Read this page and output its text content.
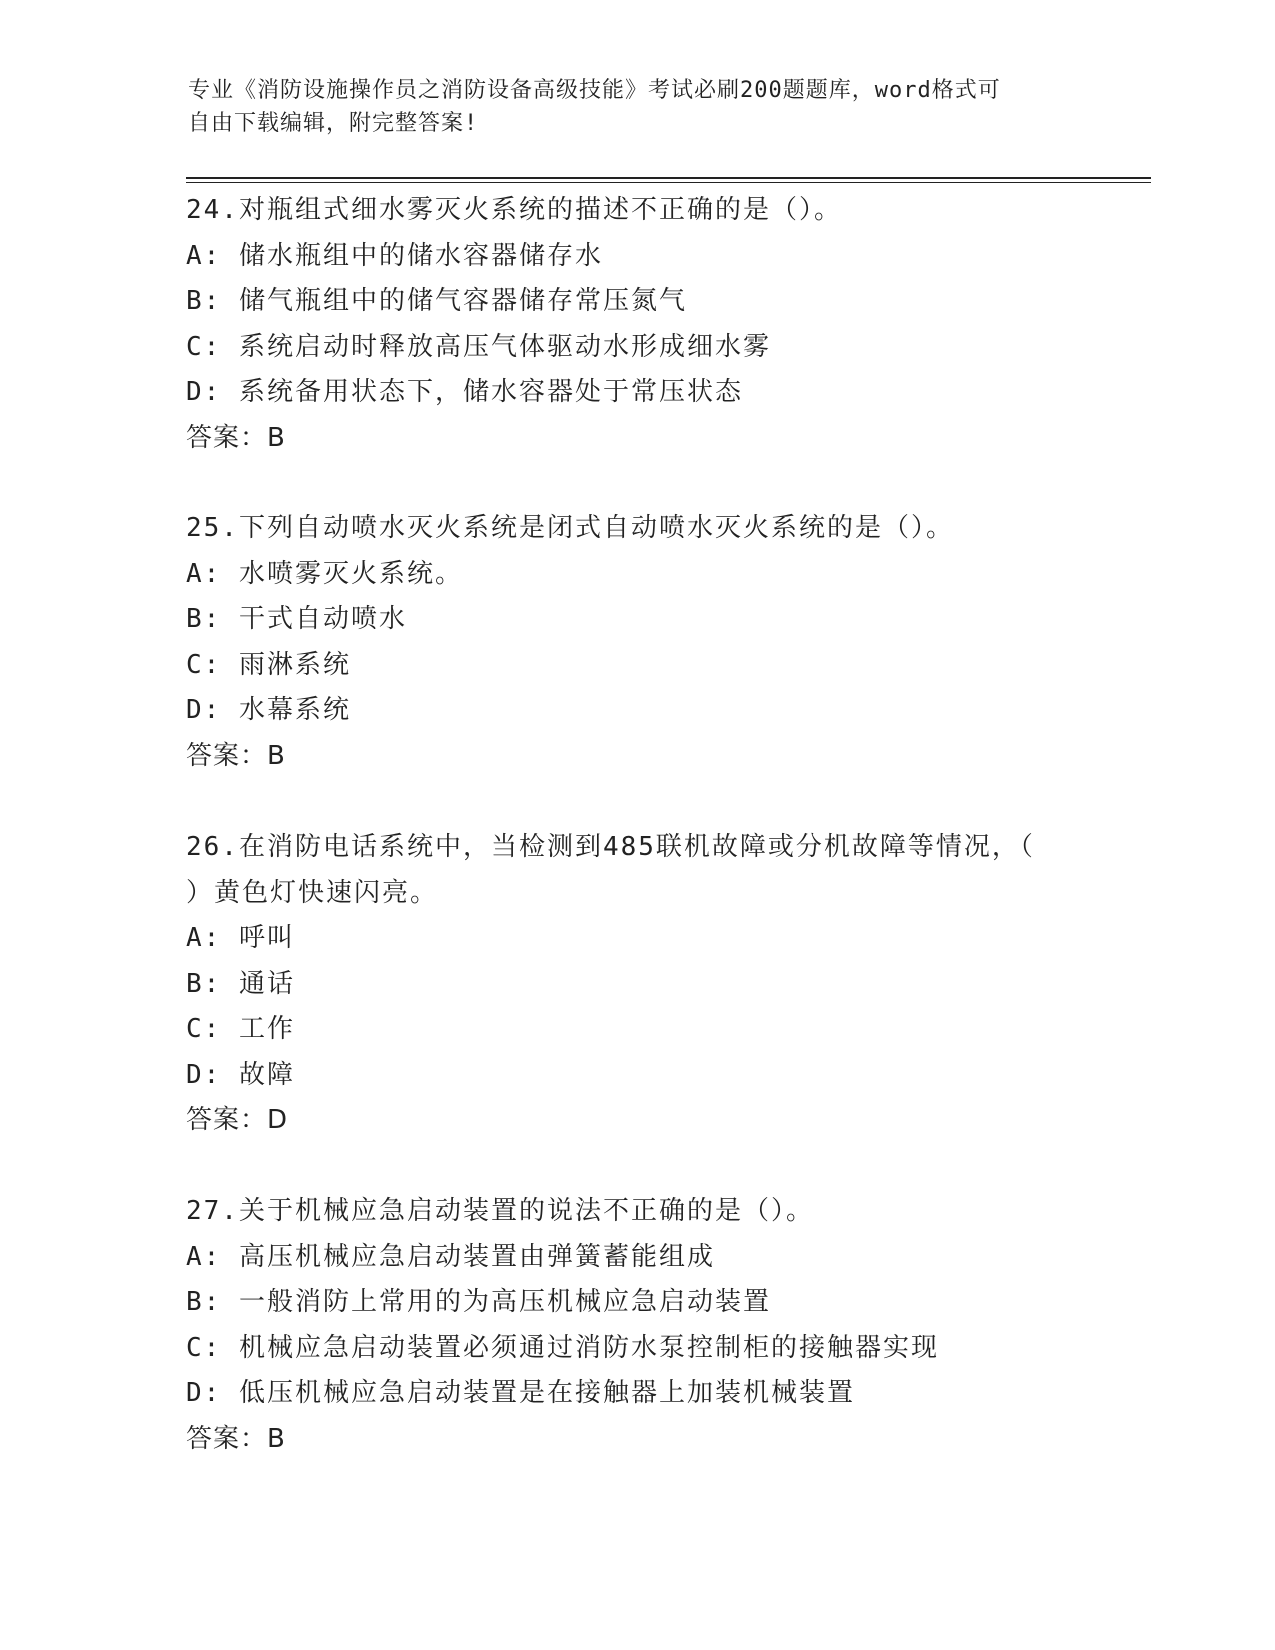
专业《消防设施操作员之消防设备高级技能》考试必刷200题题库，word格式可
自由下载编辑，附完整答案!
24.对瓶组式细水雾灭火系统的描述不正确的是（）。
A: 储水瓶组中的储水容器储存水
B: 储气瓶组中的储气容器储存常压氮气
C: 系统启动时释放高压气体驱动水形成细水雾
D: 系统备用状态下，储水容器处于常压状态
答案：B
25.下列自动喷水灭火系统是闭式自动喷水灭火系统的是（）。
A: 水喷雾灭火系统。
B: 干式自动喷水
C: 雨淋系统
D: 水幕系统
答案：B
26.在消防电话系统中，当检测到485联机故障或分机故障等情况，（
）黄色灯快速闪亮。
A: 呼叫
B: 通话
C: 工作
D: 故障
答案：D
27.关于机械应急启动装置的说法不正确的是（）。
A: 高压机械应急启动装置由弹簧蓄能组成
B: 一般消防上常用的为高压机械应急启动装置
C: 机械应急启动装置必须通过消防水泵控制柜的接触器实现
D: 低压机械应急启动装置是在接触器上加装机械装置
答案：B
